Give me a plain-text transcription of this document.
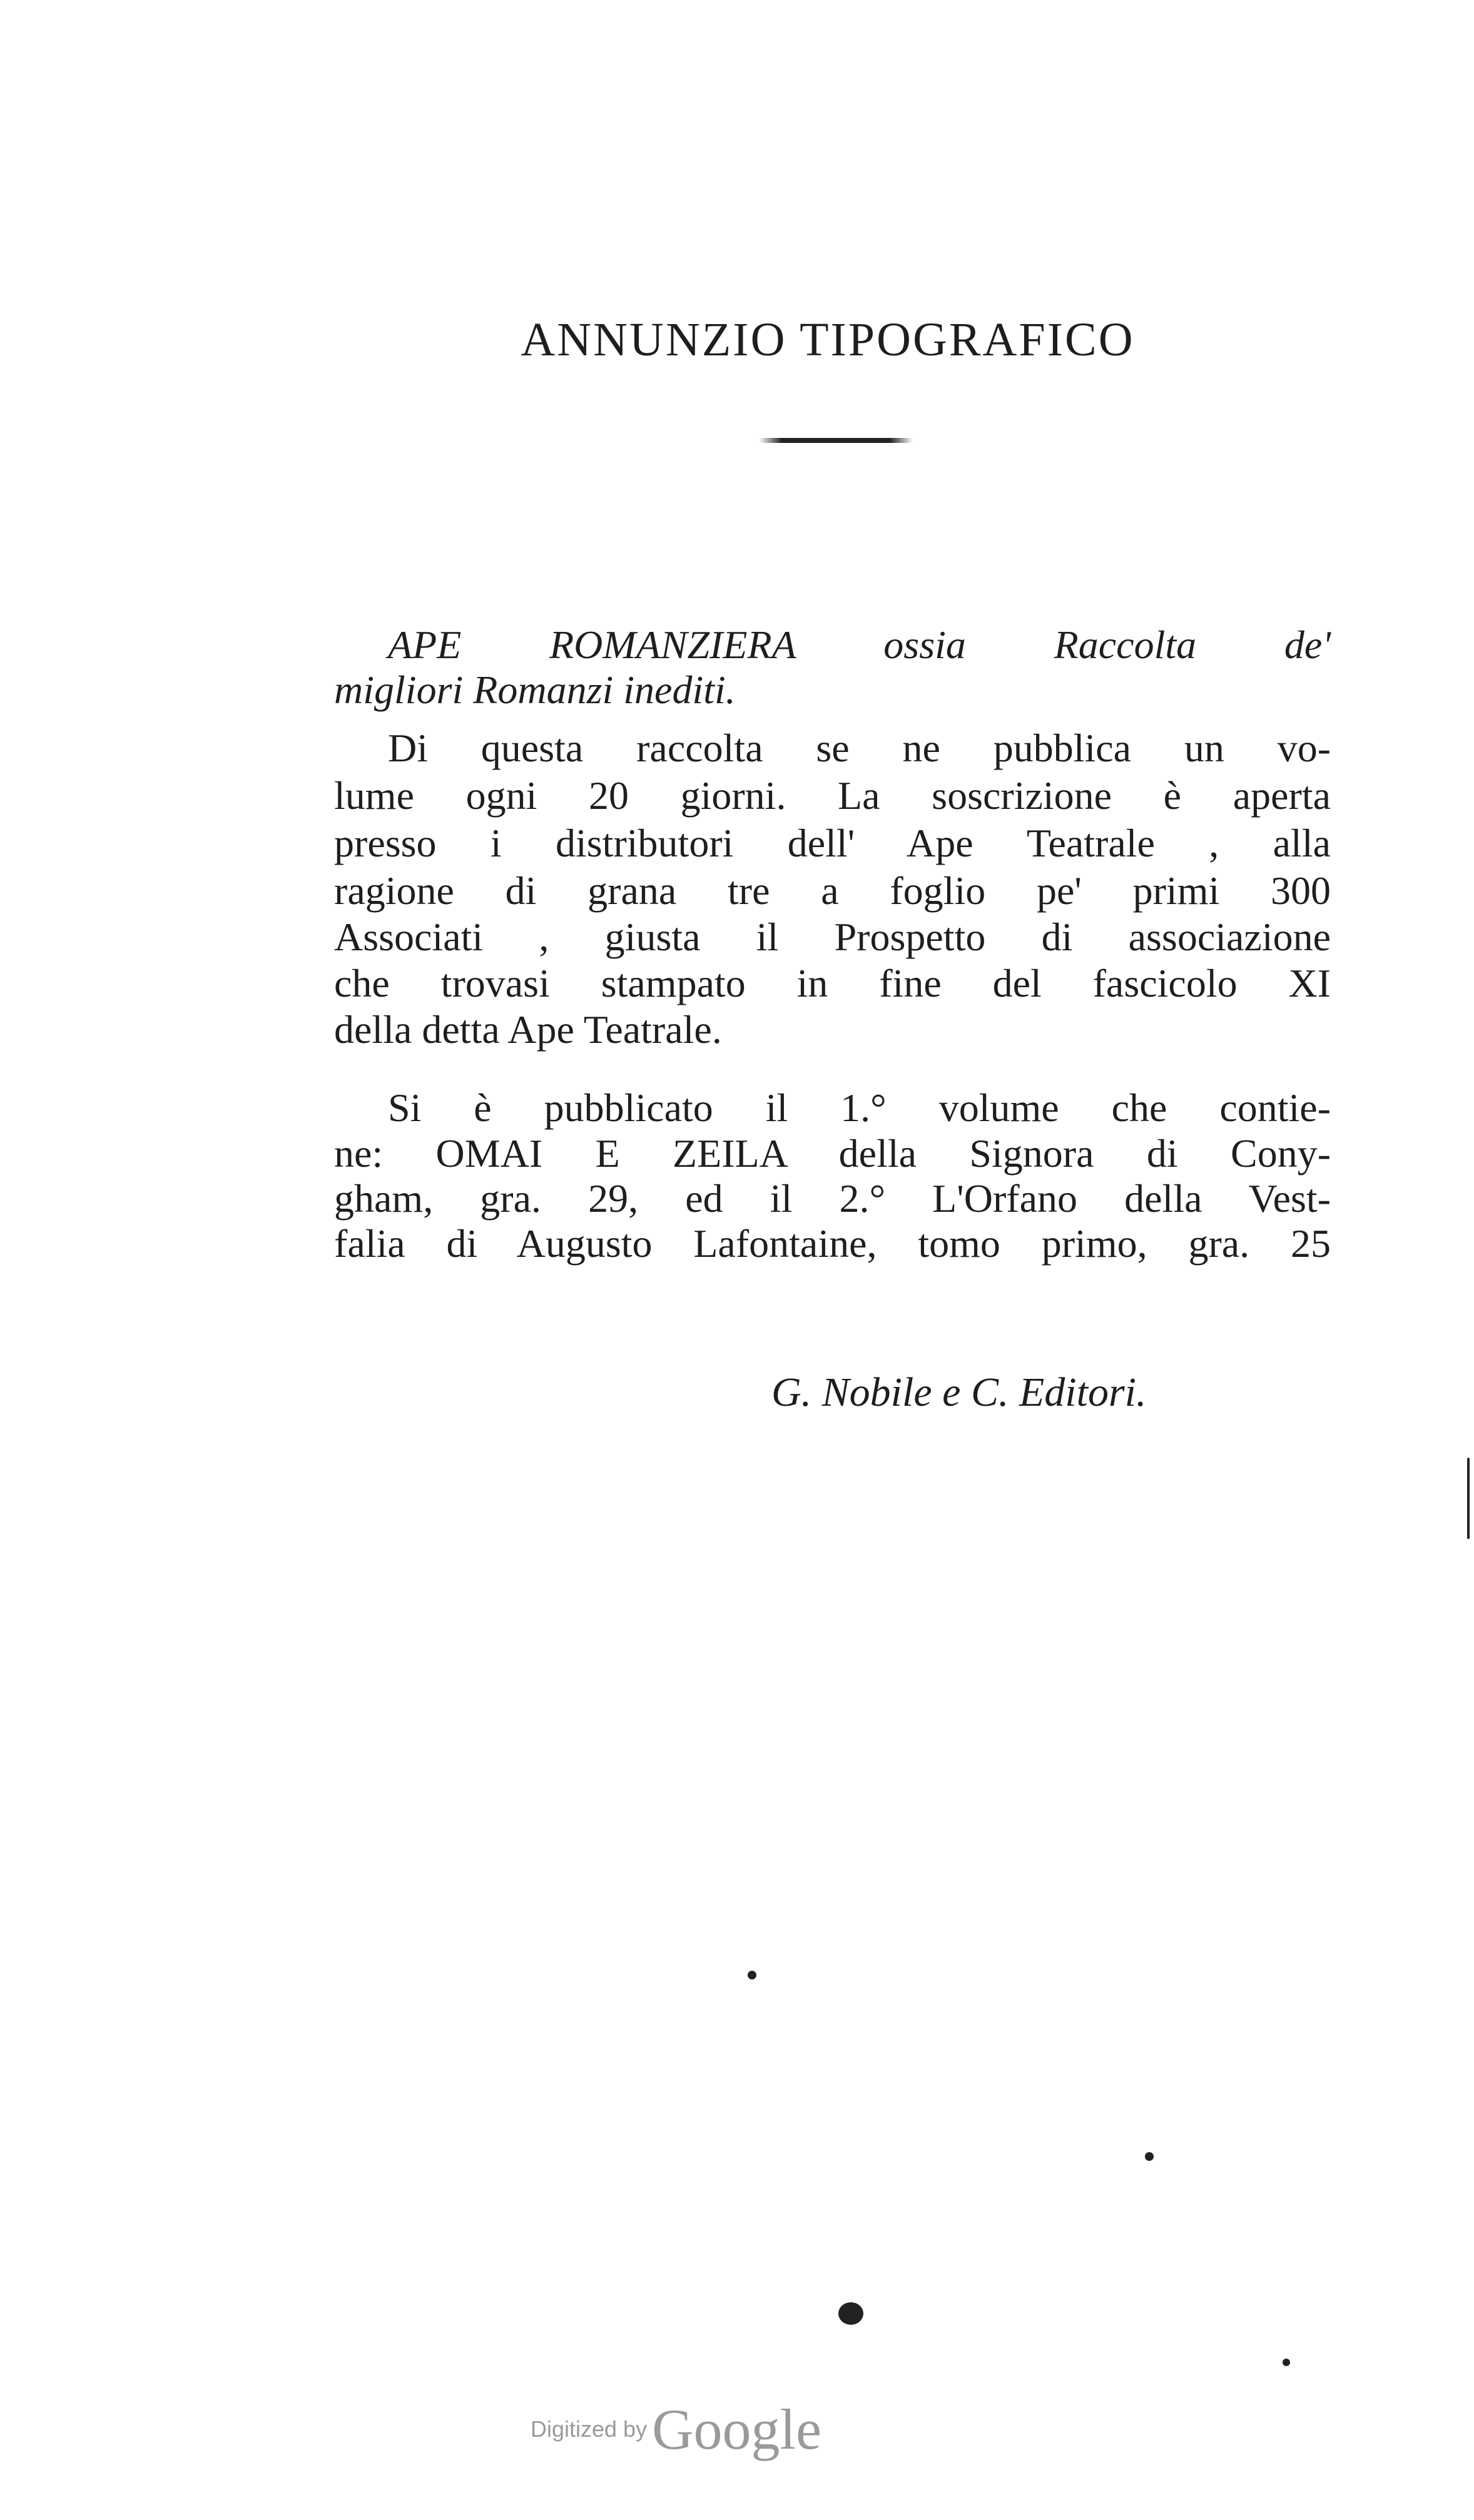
ANNUNZIO TIPOGRAFICO
APE ROMANZIERA ossia Raccolta de'
migliori Romanzi inediti.
Di questa raccolta se ne pubblica un vo-
lume ogni 20 giorni. La soscrizione è aperta
presso i distributori dell' Ape Teatrale , alla
ragione di grana tre a foglio pe' primi 300
Associati , giusta il Prospetto di associazione
che trovasi stampato in fine del fascicolo XI
della detta Ape Teatrale.
Si è pubblicato il 1.° volume che contie-
ne: OMAI E ZEILA della Signora di Cony-
gham, gra. 29, ed il 2.° L'Orfano della Vest-
falia di Augusto Lafontaine, tomo primo, gra. 25
G. Nobile e C. Editori.
Digitized byGoogle
